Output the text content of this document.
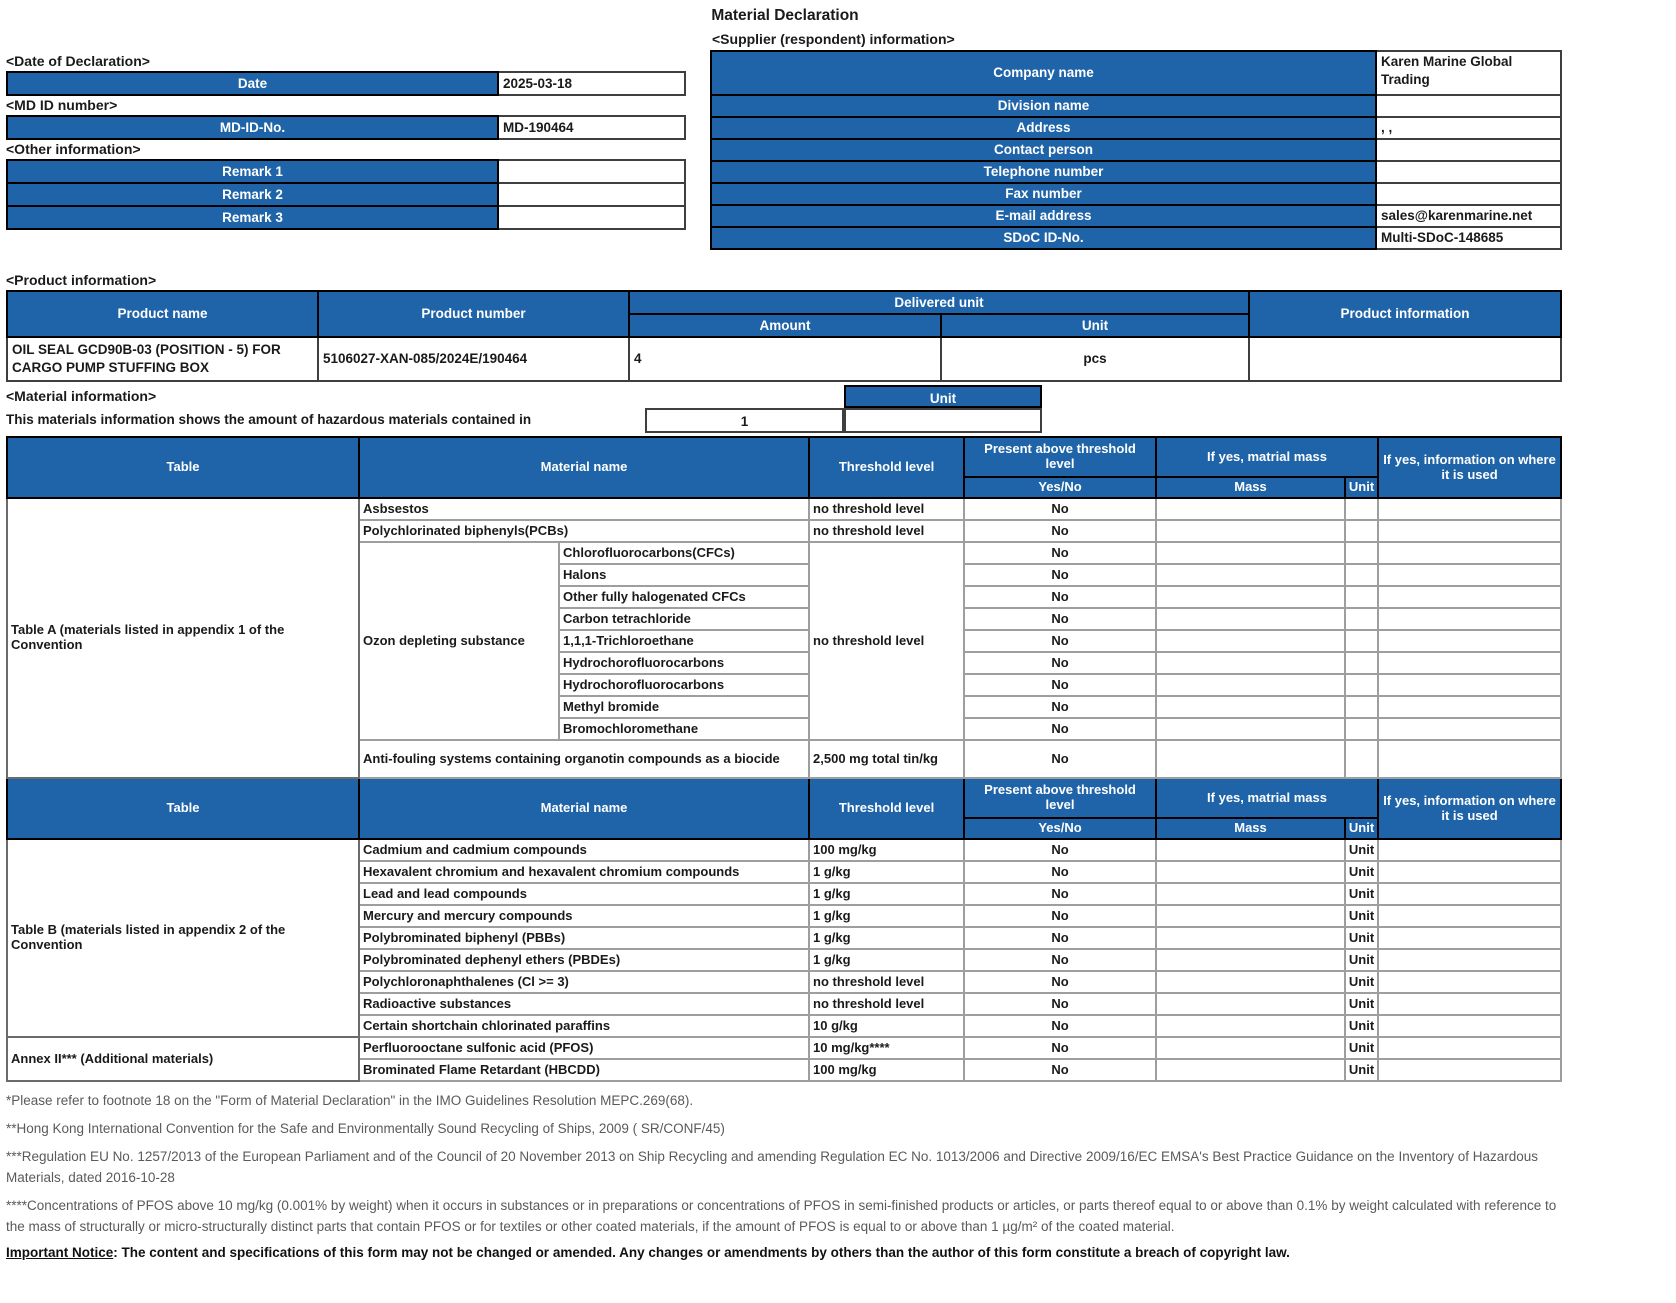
Material Declaration
<Supplier (respondent) information>
Company name	Karen Marine Global Trading
Division name	
Address	, ,
Contact person	
Telephone number	
Fax number	
E-mail address	sales@karenmarine.net
SDoC ID-No.	Multi-SDoC-148685
<Date of Declaration>
Date	2025-03-18
<MD ID number>
MD-ID-No.	MD-190464
<Other information>
Remark 1	
Remark 2	
Remark 3	
<Product information>
Product name	Product number	Delivered unit		Product information
		Amount	Unit	
OIL SEAL GCD90B-03 (POSITION - 5) FOR CARGO PUMP STUFFING BOX	5106027-XAN-085/2024E/190464	4	pcs	
<Material information>	Unit
This materials information shows the amount of hazardous materials contained in	1
Table	Material name		Threshold level	Present above threshold level	If yes, matrial mass		If yes, information on where it is used
				Yes/No	Mass	Unit	
Table A (materials listed in appendix 1 of the Convention	Asbsestos		no threshold level	No			
	Polychlorinated biphenyls(PCBs)		no threshold level	No			
	Ozon depleting substance	Chlorofluorocarbons(CFCs)	no threshold level	No			
		Halons		No			
		Other fully halogenated CFCs		No			
		Carbon tetrachloride		No			
		1,1,1-Trichloroethane		No			
		Hydrochorofluorocarbons		No			
		Hydrochorofluorocarbons		No			
		Methyl bromide		No			
		Bromochloromethane		No			
	Anti-fouling systems containing organotin compounds as a biocide		2,500 mg total tin/kg	No			
Table	Material name		Threshold level	Present above threshold level	If yes, matrial mass		If yes, information on where it is used
				Yes/No	Mass	Unit	
Table B (materials listed in appendix 2 of the Convention	Cadmium and cadmium compounds		100 mg/kg	No		Unit	
	Hexavalent chromium and hexavalent chromium compounds		1 g/kg	No		Unit	
	Lead and lead compounds		1 g/kg	No		Unit	
	Mercury and mercury compounds		1 g/kg	No		Unit	
	Polybrominated biphenyl (PBBs)		1 g/kg	No		Unit	
	Polybrominated dephenyl ethers (PBDEs)		1 g/kg	No		Unit	
	Polychloronaphthalenes (Cl >= 3)		no threshold level	No		Unit	
	Radioactive substances		no threshold level	No		Unit	
	Certain shortchain chlorinated paraffins		10 g/kg	No		Unit	
Annex II*** (Additional materials)	Perfluorooctane sulfonic acid (PFOS)		10 mg/kg****	No		Unit	
	Brominated Flame Retardant (HBCDD)		100 mg/kg	No		Unit	

*Please refer to footnote 18 on the "Form of Material Declaration" in the IMO Guidelines Resolution MEPC.269(68).

**Hong Kong International Convention for the Safe and Environmentally Sound Recycling of Ships, 2009 ( SR/CONF/45)

***Regulation EU No. 1257/2013 of the European Parliament and of the Council of 20 November 2013 on Ship Recycling and amending Regulation EC No. 1013/2006 and Directive 2009/16/EC EMSA's Best Practice Guidance on the Inventory of Hazardous Materials, dated 2016-10-28

****Concentrations of PFOS above 10 mg/kg (0.001% by weight) when it occurs in substances or in preparations or concentrations of PFOS in semi-finished products or articles, or parts thereof equal to or above than 0.1% by weight calculated with reference to the mass of structurally or micro-structurally distinct parts that contain PFOS or for textiles or other coated materials, if the amount of PFOS is equal to or above than 1 µg/m² of the coated material.

Important Notice: The content and specifications of this form may not be changed or amended. Any changes or amendments by others than the author of this form constitute a breach of copyright law.
